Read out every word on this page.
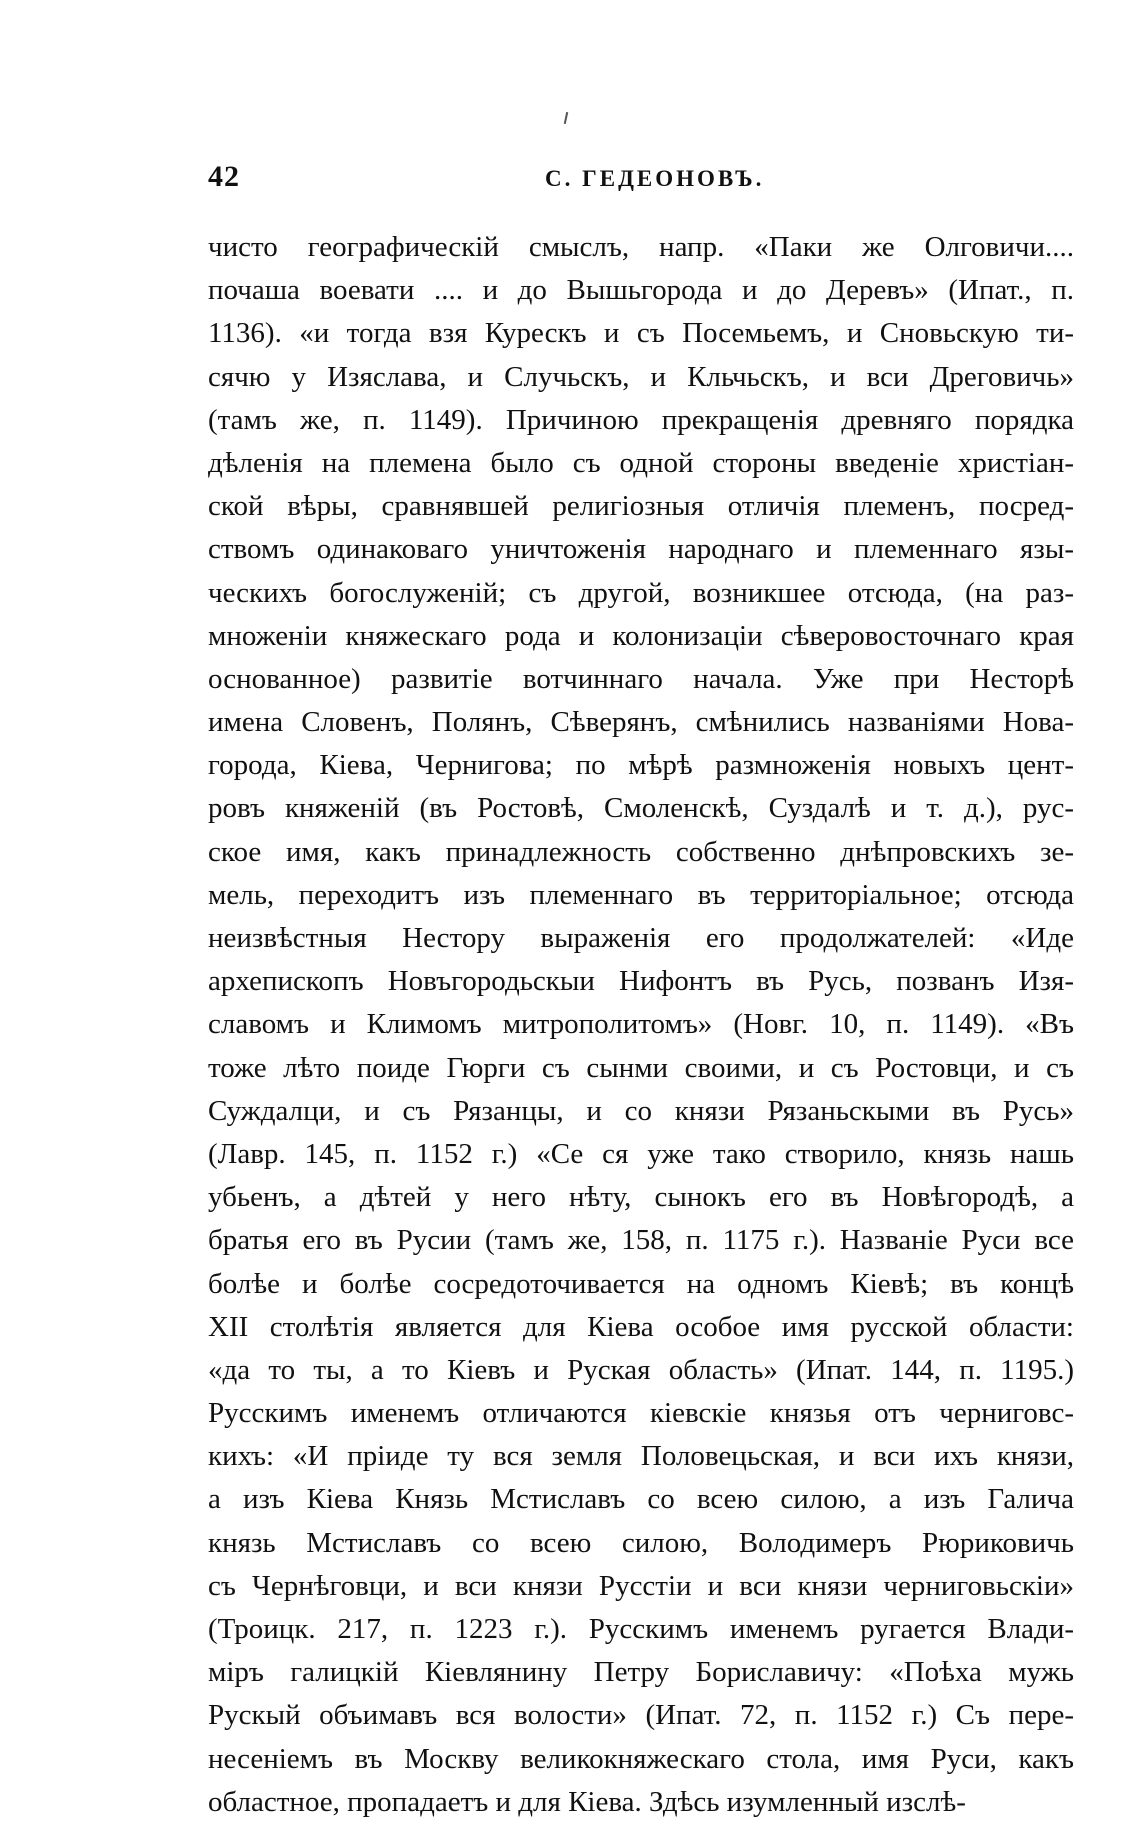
42	С. ГЕДЕОНОВЪ.
чисто географическій смыслъ, напр. «Паки же Олговичи....
почаша воевати .... и до Вышьгорода и до Деревъ» (Ипат., п.
1136). «и тогда взя Курескъ и съ Посемьемъ, и Сновьскую ти-
сячю у Изяслава, и Случьскъ, и Кльчьскъ, и вси Дреговичь»
(тамъ же, п. 1149). Причиною прекращенія древняго порядка
дѣленія на племена было съ одной стороны введеніе христіан-
ской вѣры, сравнявшей религіозныя отличія племенъ, посред-
ствомъ одинаковаго уничтоженія народнаго и племеннаго язы-
ческихъ богослуженій; съ другой, возникшее отсюда, (на раз-
множеніи княжескаго рода и колонизаціи сѣверовосточнаго края
основанное) развитіе вотчиннаго начала. Уже при Несторѣ
имена Словенъ, Полянъ, Сѣверянъ, смѣнились названіями Нова-
города, Кіева, Чернигова; по мѣрѣ размноженія новыхъ цент-
ровъ княженій (въ Ростовѣ, Смоленскѣ, Суздалѣ и т. д.), рус-
ское имя, какъ принадлежность собственно днѣпровскихъ зе-
мель, переходитъ изъ племеннаго въ территоріальное; отсюда
неизвѣстныя Нестору выраженія его продолжателей: «Иде
архепископъ Новъгородьскыи Нифонтъ въ Русь, позванъ Изя-
славомъ и Климомъ митрополитомъ» (Новг. 10, п. 1149). «Въ
тоже лѣто поиде Гюрги съ сынми своими, и съ Ростовци, и съ
Суждалци, и съ Рязанцы, и со князи Рязаньскыми въ Русь»
(Лавр. 145, п. 1152 г.) «Се ся уже тако створило, князь нашь
убьенъ, а дѣтей у него нѣту, сынокъ его въ Новѣгородѣ, а
братья его въ Русии (тамъ же, 158, п. 1175 г.). Названіе Руси все
болѣе и болѣе сосредоточивается на одномъ Кіевѣ; въ концѣ
XII столѣтія является для Кіева особое имя русской области:
«да то ты, а то Кіевъ и Руская область» (Ипат. 144, п. 1195.)
Русскимъ именемъ отличаются кіевскіе князья отъ черниговс-
кихъ: «И пріиде ту вся земля Половецьская, и вси ихъ князи,
а изъ Кіева Князь Мстиславъ со всею силою, а изъ Галича
князь Мстиславъ со всею силою, Володимеръ Рюриковичь
съ Чернѣговци, и вси князи Русстіи и вси князи черниговьскіи»
(Троицк. 217, п. 1223 г.). Русскимъ именемъ ругается Влади-
міръ галицкій Кіевлянину Петру Бориславичу: «Поѣха мужь
Рускый объимавъ вся волости» (Ипат. 72, п. 1152 г.) Съ пере-
несеніемъ въ Москву великокняжескаго стола, имя Руси, какъ
областное, пропадаетъ и для Кіева. Здѣсь изумленный изслѣ-
